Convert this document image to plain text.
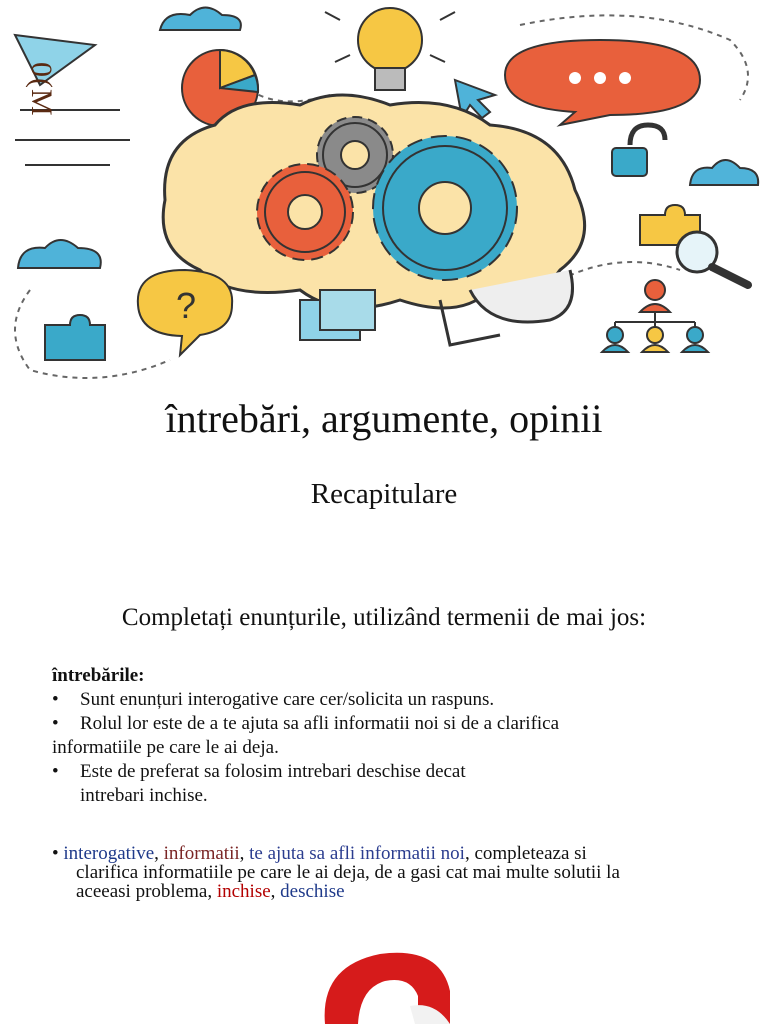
?
0(M
întrebări, argumente, opinii
Recapitulare
Completați enunțurile, utilizând termenii de mai jos:
întrebările:
•	Sunt enunțuri interogative care cer/solicita un raspuns.
•	Rolul lor este de a te ajuta sa afli informatii noi si de a clarifica
informatiile pe care le ai deja.
•	Este de preferat sa folosim intrebari deschise decat
intrebari inchise.
• interogative, informatii, te ajuta sa afli informatii noi, completeaza si
clarifica informatiile pe care le ai deja, de a gasi cat mai multe solutii la
aceeasi problema, inchise, deschise
